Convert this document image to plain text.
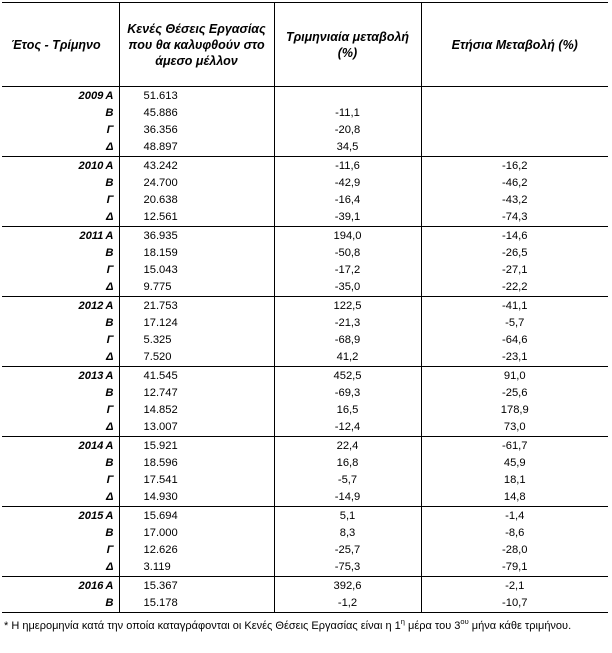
Έτος - Τρίμηνο	Κενές Θέσεις Εργασίας που θα καλυφθούν στο άμεσο μέλλον	Τριμηνιαία μεταβολή (%)	Ετήσια Μεταβολή (%)
2009 Α	51.613		
Β	45.886	-11,1	
Γ	36.356	-20,8	
Δ	48.897	34,5	
2010 Α	43.242	-11,6	-16,2
Β	24.700	-42,9	-46,2
Γ	20.638	-16,4	-43,2
Δ	12.561	-39,1	-74,3
2011 Α	36.935	194,0	-14,6
Β	18.159	-50,8	-26,5
Γ	15.043	-17,2	-27,1
Δ	9.775	-35,0	-22,2
2012 Α	21.753	122,5	-41,1
Β	17.124	-21,3	-5,7
Γ	5.325	-68,9	-64,6
Δ	7.520	41,2	-23,1
2013 Α	41.545	452,5	91,0
Β	12.747	-69,3	-25,6
Γ	14.852	16,5	178,9
Δ	13.007	-12,4	73,0
2014 Α	15.921	22,4	-61,7
Β	18.596	16,8	45,9
Γ	17.541	-5,7	18,1
Δ	14.930	-14,9	14,8
2015 Α	15.694	5,1	-1,4
Β	17.000	8,3	-8,6
Γ	12.626	-25,7	-28,0
Δ	3.119	-75,3	-79,1
2016 Α	15.367	392,6	-2,1
Β	15.178	-1,2	-10,7
* Η ημερομηνία κατά την οποία καταγράφονται οι Κενές Θέσεις Εργασίας είναι η $1^\eta$ μέρα του $3^{o\upsilon}$ μήνα κάθε τριμήνου.
